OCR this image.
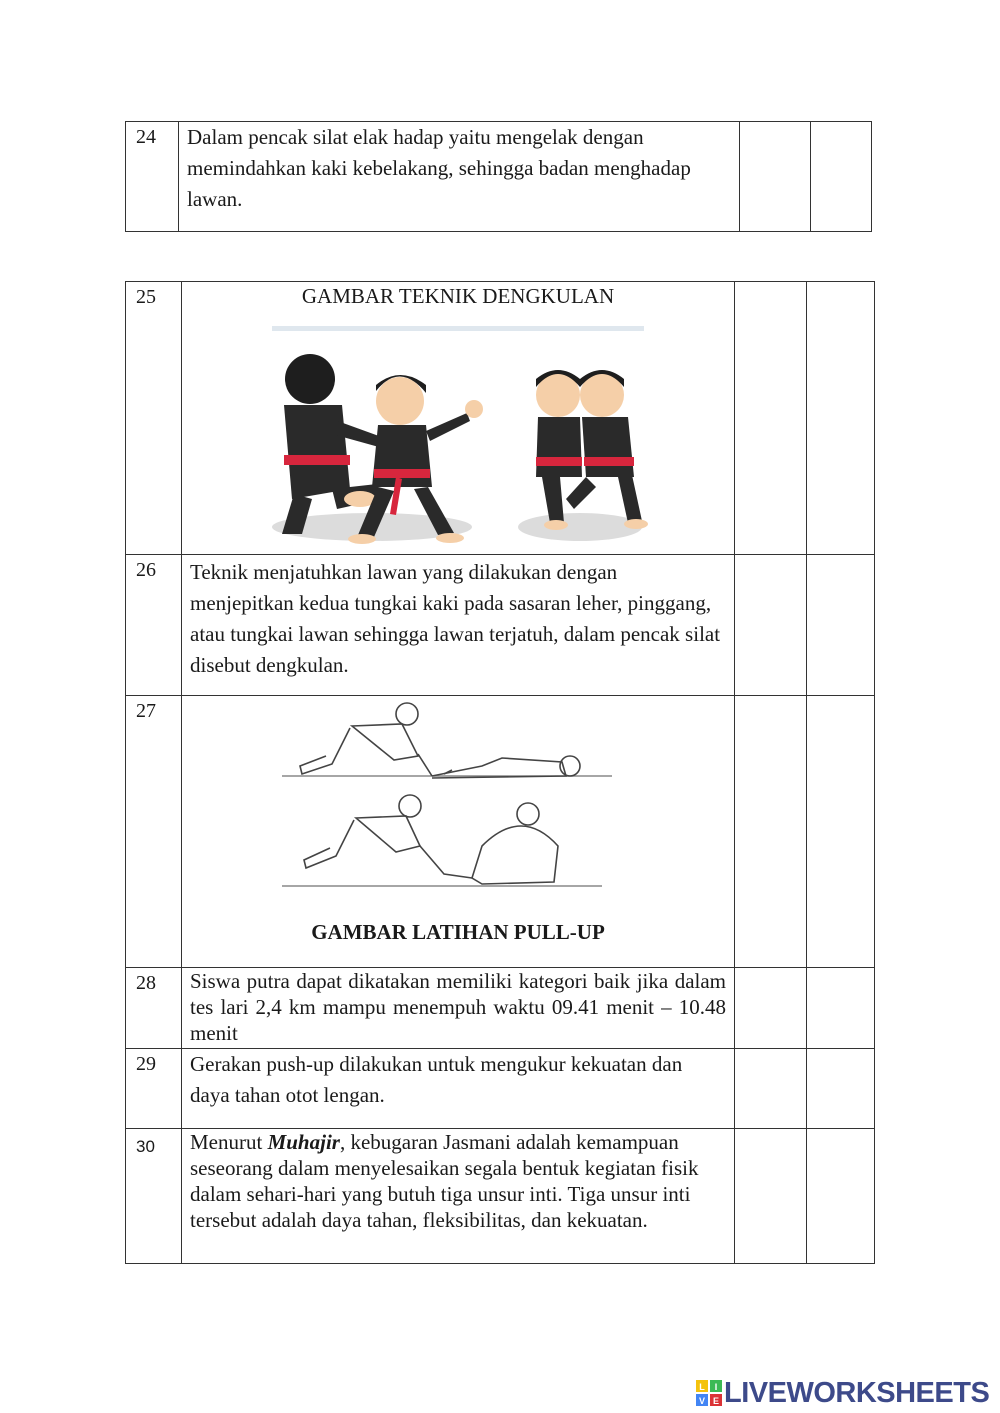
24	Dalam pencak silat elak hadap yaitu mengelak dengan memindahkan kaki kebelakang, sehingga badan menghadap lawan.

25	GAMBAR TEKNIK DENGKULAN		

26	Teknik menjatuhkan lawan yang dilakukan dengan menjepitkan kedua tungkai kaki pada sasaran leher, pinggang, atau tungkai lawan sehingga lawan terjatuh, dalam pencak silat disebut dengkulan.		

27	GAMBAR LATIHAN PULL-UP		

28	Siswa putra dapat dikatakan memiliki kategori baik jika dalam tes lari 2,4 km mampu menempuh waktu 09.41 menit – 10.48 menit		

29	Gerakan push-up dilakukan untuk mengukur kekuatan dan daya tahan otot lengan.		

30	Menurut Muhajir, kebugaran Jasmani adalah kemampuan seseorang dalam menyelesaikan segala bentuk kegiatan fisik dalam sehari-hari yang butuh tiga unsur inti. Tiga unsur inti tersebut adalah daya tahan, fleksibilitas, dan kekuatan.		

L I
V E LIVEWORKSHEETS
